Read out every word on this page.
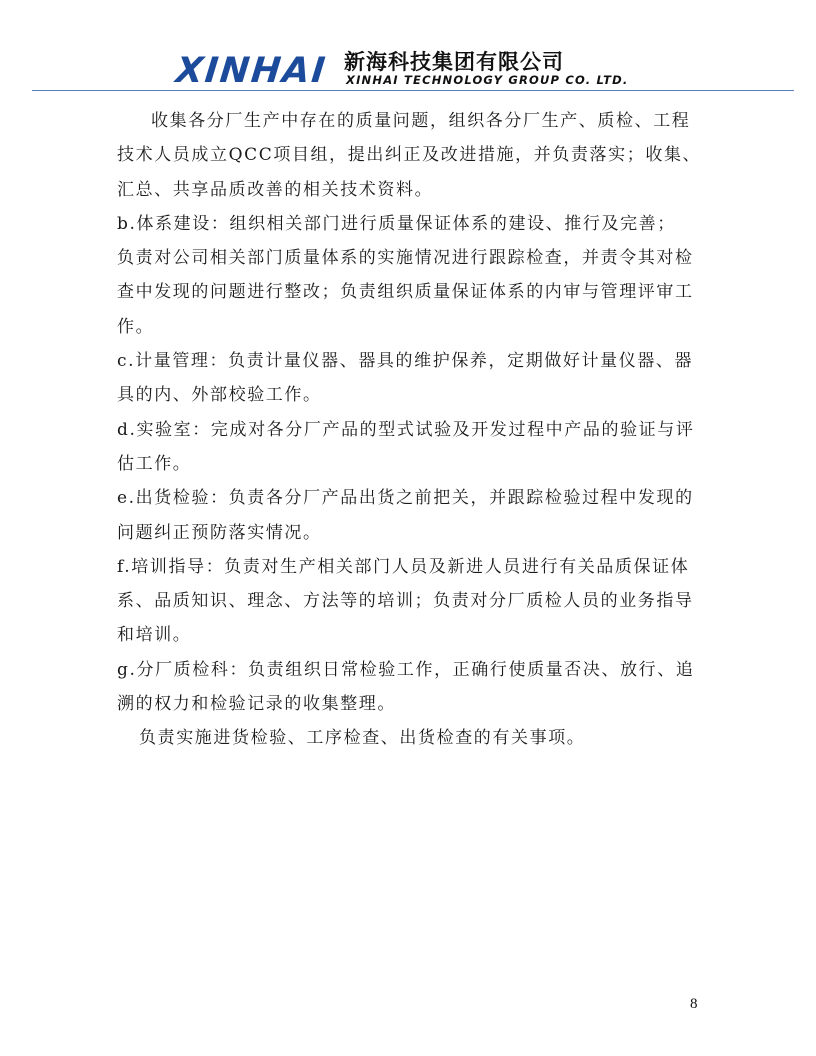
XINHAI 新海科技集团有限公司
XINHAI TECHNOLOGY GROUP CO. LTD.

收集各分厂生产中存在的质量问题，组织各分厂生产、质检、工程技术人员成立QCC项目组，提出纠正及改进措施，并负责落实；收集、汇总、共享品质改善的相关技术资料。

b.体系建设：组织相关部门进行质量保证体系的建设、推行及完善；

负责对公司相关部门质量体系的实施情况进行跟踪检查，并责令其对检查中发现的问题进行整改；负责组织质量保证体系的内审与管理评审工作。

c.计量管理：负责计量仪器、器具的维护保养，定期做好计量仪器、器具的内、外部校验工作。

d.实验室：完成对各分厂产品的型式试验及开发过程中产品的验证与评估工作。

e.出货检验：负责各分厂产品出货之前把关，并跟踪检验过程中发现的问题纠正预防落实情况。

f.培训指导：负责对生产相关部门人员及新进人员进行有关品质保证体系、品质知识、理念、方法等的培训；负责对分厂质检人员的业务指导和培训。

g.分厂质检科：负责组织日常检验工作，正确行使质量否决、放行、追溯的权力和检验记录的收集整理。

负责实施进货检验、工序检查、出货检查的有关事项。

8
